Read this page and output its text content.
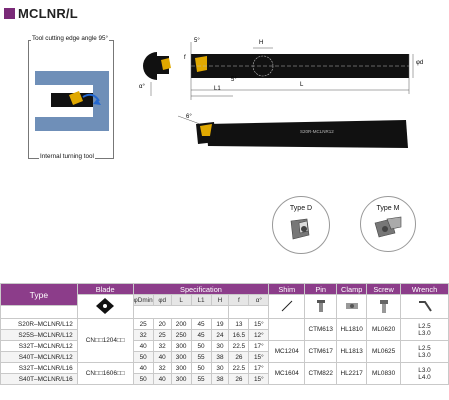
MCLNR/L
Tool cutting edge angle 95°
Internal turning tool
5°	H
5°
L1
L
φd
f
α°
6°
S20R-MCLNR12
Type D	Type M
Type	Blade	Specification							Shim	Pin	Clamp	Screw	Wrench
	φDmin	φd	L	L1	H	f	α°					

S20R–MCLNR/L12	CN□□1204□□	25	20	200	45	19	13	15°		CTM613	HL1810	ML0620	L2.5
L3.0
S25S–MCLNR/L12		32	25	250	45	24	16.5	12°					
S32T–MCLNR/L12		40	32	300	50	30	22.5	17°	MC1204	CTM617	HL1813	ML0625	L2.5
L3.0
S40T–MCLNR/L12		50	40	300	55	38	26	15°					
S32T–MCLNR/L16	CN□□1606□□	40	32	300	50	30	22.5	17°	MC1604	CTM822	HL2217	ML0830	L3.0
L4.0
S40T–MCLNR/L16		50	40	300	55	38	26	15°					
